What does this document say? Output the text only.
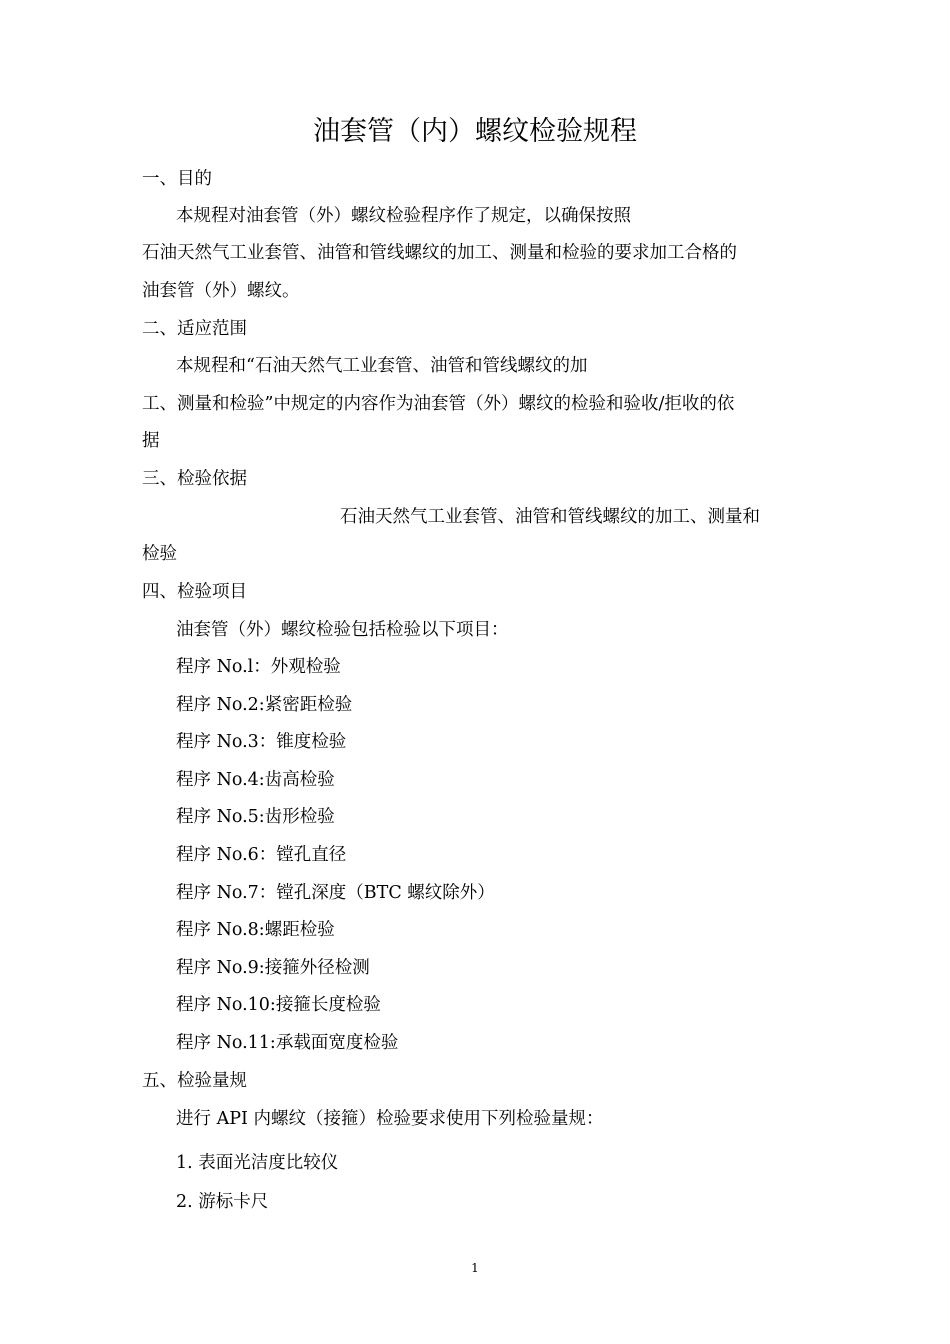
油套管（内）螺纹检验规程
一、目的
本规程对油套管（外）螺纹检验程序作了规定，以确保按照
石油天然气工业套管、油管和管线螺纹的加工、测量和检验的要求加工合格的
油套管（外）螺纹。
二、适应范围
本规程和“石油天然气工业套管、油管和管线螺纹的加
工、测量和检验”中规定的内容作为油套管（外）螺纹的检验和验收/拒收的依
据
三、检验依据
石油天然气工业套管、油管和管线螺纹的加工、测量和
检验
四、检验项目
油套管（外）螺纹检验包括检验以下项目：
程序 No.l：外观检验
程序 No.2:紧密距检验
程序 No.3：锥度检验
程序 No.4:齿高检验
程序 No.5:齿形检验
程序 No.6：镗孔直径
程序 No.7：镗孔深度（BTC 螺纹除外）
程序 No.8:螺距检验
程序 No.9:接箍外径检测
程序 No.10:接箍长度检验
程序 No.11:承载面宽度检验
五、检验量规
进行 API 内螺纹（接箍）检验要求使用下列检验量规：
1. 表面光洁度比较仪
2. 游标卡尺
1
